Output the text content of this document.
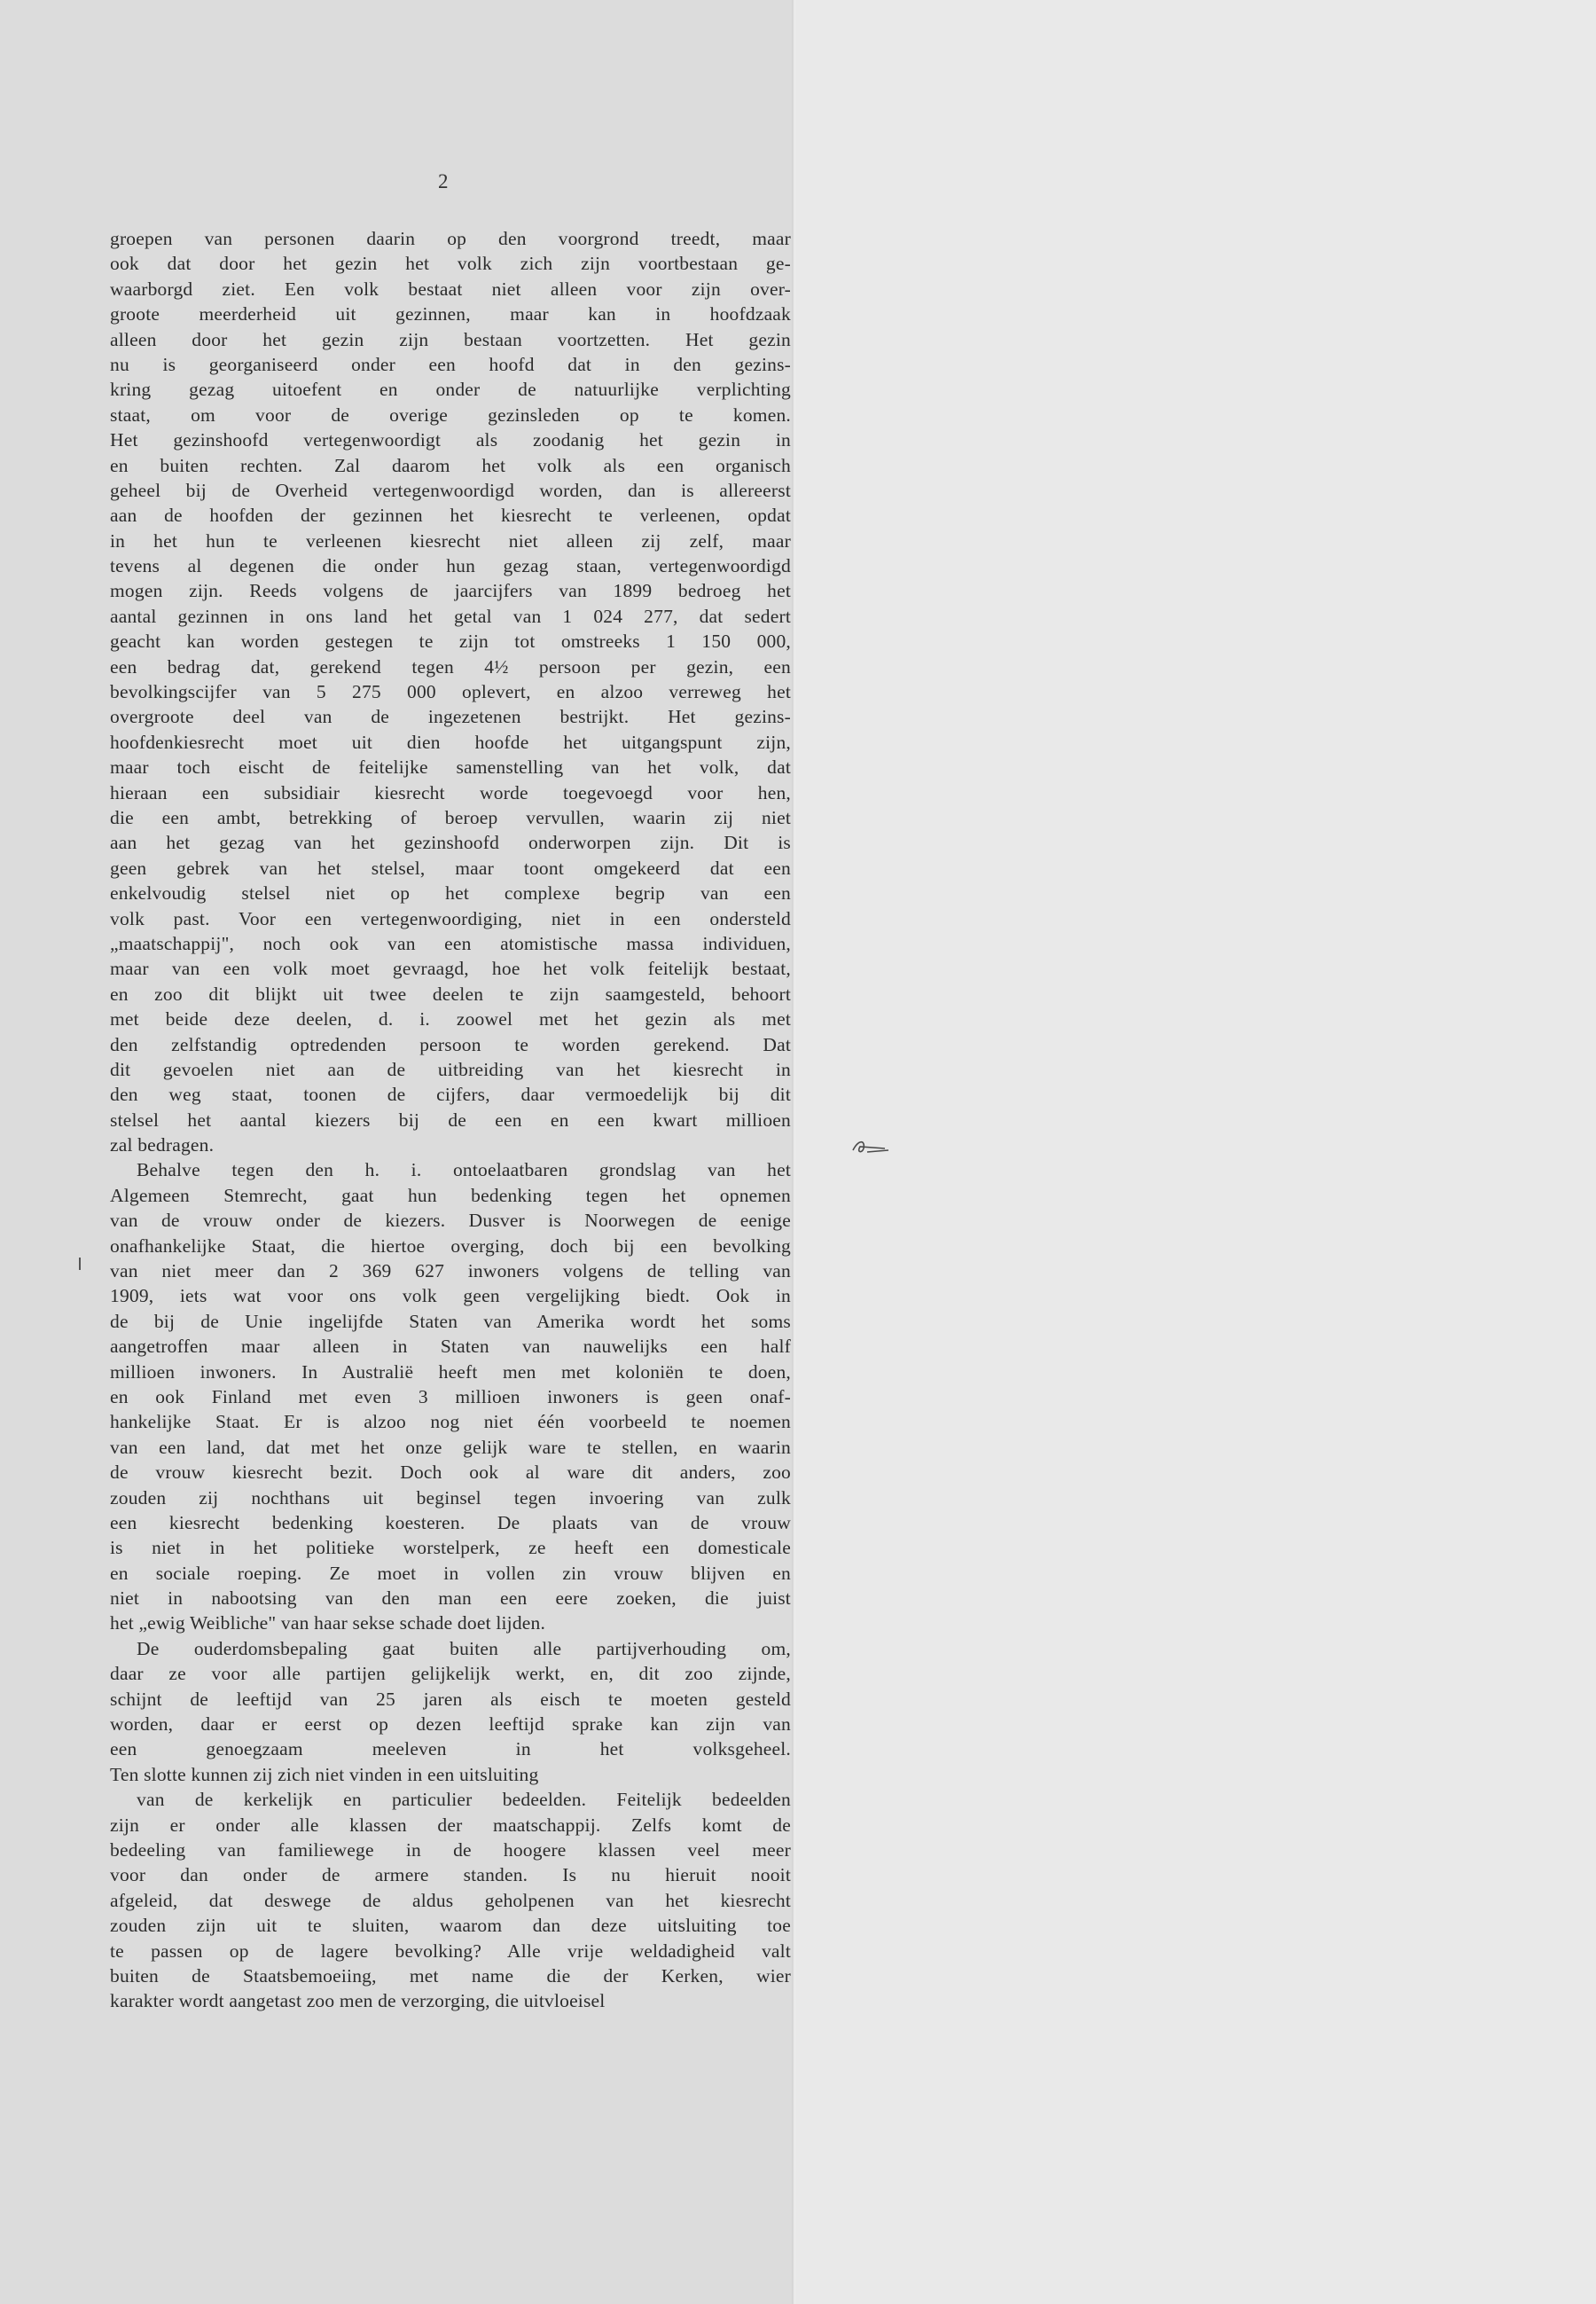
2
groepen van personen daarin op den voorgrond treedt, maar
ook dat door het gezin het volk zich zijn voortbestaan ge-
waarborgd ziet. Een volk bestaat niet alleen voor zijn over-
groote meerderheid uit gezinnen, maar kan in hoofdzaak
alleen door het gezin zijn bestaan voortzetten. Het gezin
nu is georganiseerd onder een hoofd dat in den gezins-
kring gezag uitoefent en onder de natuurlijke verplichting
staat, om voor de overige gezinsleden op te komen.
Het gezinshoofd vertegenwoordigt als zoodanig het gezin in
en buiten rechten. Zal daarom het volk als een organisch
geheel bij de Overheid vertegenwoordigd worden, dan is allereerst
aan de hoofden der gezinnen het kiesrecht te verleenen, opdat
in het hun te verleenen kiesrecht niet alleen zij zelf, maar
tevens al degenen die onder hun gezag staan, vertegenwoordigd
mogen zijn. Reeds volgens de jaarcijfers van 1899 bedroeg het
aantal gezinnen in ons land het getal van 1 024 277, dat sedert
geacht kan worden gestegen te zijn tot omstreeks 1 150 000,
een bedrag dat, gerekend tegen 4½ persoon per gezin, een
bevolkingscijfer van 5 275 000 oplevert, en alzoo verreweg het
overgroote deel van de ingezetenen bestrijkt. Het gezins-
hoofdenkiesrecht moet uit dien hoofde het uitgangspunt zijn,
maar toch eischt de feitelijke samenstelling van het volk, dat
hieraan een subsidiair kiesrecht worde toegevoegd voor hen,
die een ambt, betrekking of beroep vervullen, waarin zij niet
aan het gezag van het gezinshoofd onderworpen zijn. Dit is
geen gebrek van het stelsel, maar toont omgekeerd dat een
enkelvoudig stelsel niet op het complexe begrip van een
volk past. Voor een vertegenwoordiging, niet in een ondersteld
„maatschappij", noch ook van een atomistische massa individuen,
maar van een volk moet gevraagd, hoe het volk feitelijk bestaat,
en zoo dit blijkt uit twee deelen te zijn saamgesteld, behoort
met beide deze deelen, d. i. zoowel met het gezin als met
den zelfstandig optredenden persoon te worden gerekend. Dat
dit gevoelen niet aan de uitbreiding van het kiesrecht in
den weg staat, toonen de cijfers, daar vermoedelijk bij dit
stelsel het aantal kiezers bij de een en een kwart millioen
zal bedragen.
Behalve tegen den h. i. ontoelaatbaren grondslag van het
Algemeen Stemrecht, gaat hun bedenking tegen het opnemen
van de vrouw onder de kiezers. Dusver is Noorwegen de eenige
onafhankelijke Staat, die hiertoe overging, doch bij een bevolking
van niet meer dan 2 369 627 inwoners volgens de telling van
1909, iets wat voor ons volk geen vergelijking biedt. Ook in
de bij de Unie ingelijfde Staten van Amerika wordt het soms
aangetroffen maar alleen in Staten van nauwelijks een half
millioen inwoners. In Australië heeft men met koloniën te doen,
en ook Finland met even 3 millioen inwoners is geen onaf-
hankelijke Staat. Er is alzoo nog niet één voorbeeld te noemen
van een land, dat met het onze gelijk ware te stellen, en waarin
de vrouw kiesrecht bezit. Doch ook al ware dit anders, zoo
zouden zij nochthans uit beginsel tegen invoering van zulk
een kiesrecht bedenking koesteren. De plaats van de vrouw
is niet in het politieke worstelperk, ze heeft een domesticale
en sociale roeping. Ze moet in vollen zin vrouw blijven en
niet in nabootsing van den man een eere zoeken, die juist
het „ewig Weibliche" van haar sekse schade doet lijden.
De ouderdomsbepaling gaat buiten alle partijverhouding om,
daar ze voor alle partijen gelijkelijk werkt, en, dit zoo zijnde,
schijnt de leeftijd van 25 jaren als eisch te moeten gesteld
worden, daar er eerst op dezen leeftijd sprake kan zijn van
een genoegzaam meeleven in het volksgeheel.
Ten slotte kunnen zij zich niet vinden in een uitsluiting
van de kerkelijk en particulier bedeelden. Feitelijk bedeelden
zijn er onder alle klassen der maatschappij. Zelfs komt de
bedeeling van familiewege in de hoogere klassen veel meer
voor dan onder de armere standen. Is nu hieruit nooit
afgeleid, dat deswege de aldus geholpenen van het kiesrecht
zouden zijn uit te sluiten, waarom dan deze uitsluiting toe
te passen op de lagere bevolking? Alle vrije weldadigheid valt
buiten de Staatsbemoeiing, met name die der Kerken, wier
karakter wordt aangetast zoo men de verzorging, die uitvloeisel
